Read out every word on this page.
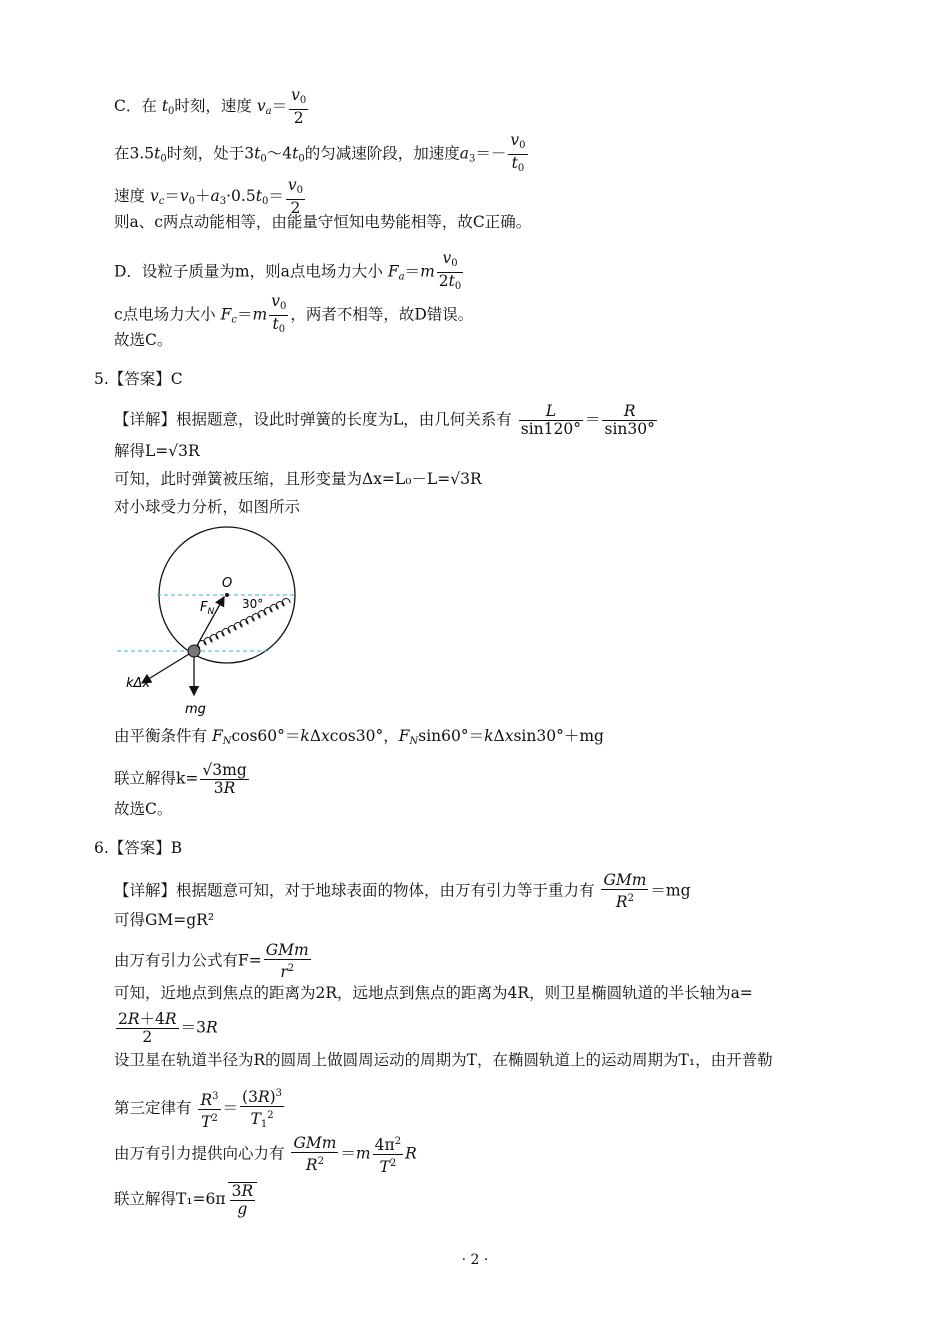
C．在 $t_0$时刻，速度 $v_a= \frac{v_0}{2}$
在$3.5t_0$时刻，处于$3t_0\sim 4t_0$的匀减速阶段，加速度$a_3=- \frac{v_0}{t_0}$
速度 $v_c=v_0+a_3\cdot 0.5t_0= \frac{v_0}{2}$
则a、c两点动能相等，由能量守恒知电势能相等，故C正确。
D．设粒子质量为m，则a点电场力大小 $F_a=m \frac{v_0}{2t_0}$
c点电场力大小 $F_c=m \frac{v_0}{t_0}$ ，两者不相等，故D错误。
故选C。
5.【答案】C
【详解】根据题意，设此时弹簧的长度为L，由几何关系有 $\frac{L}{\sin 120^\circ} = \frac{R}{\sin 30^\circ}$
解得L=√3R
可知，此时弹簧被压缩，且形变量为Δx=L₀－L=√3R
对小球受力分析，如图所示
O
$F_N$
30°
kΔx
mg
由平衡条件有 $F_N\cos 60^\circ=k\Delta xcos30^\circ$，$F_N\sin 60^\circ=k\Delta xsin30^\circ+mg$
联立解得$k= \frac{√3mg}{3R}$
故选C。
6.【答案】B
【详解】根据题意可知，对于地球表面的物体，由万有引力等于重力有 $\frac{\text{GMm}}{R^2} =mg$
可得GM=gR²
由万有引力公式有$F= \frac{\text{GMm}}{r^2}$
可知，近地点到焦点的距离为2R，远地点到焦点的距离为4R，则卫星椭圆轨道的半长轴为a=
$\frac{2R+4R}{2} =3R$
设卫星在轨道半径为R的圆周上做圆周运动的周期为T，在椭圆轨道上的运动周期为T₁，由开普勒
第三定律有 $\frac{R^3}{T^2} = \frac{(3R)^3}{T_1^2}$
由万有引力提供向心力有 $\frac{\text{GMm}}{R^2} =m \frac{4\pi^2}{T^2}$ R
联立解得$T_1=6\pi \frac{3R}{g}$
· 2 ·
